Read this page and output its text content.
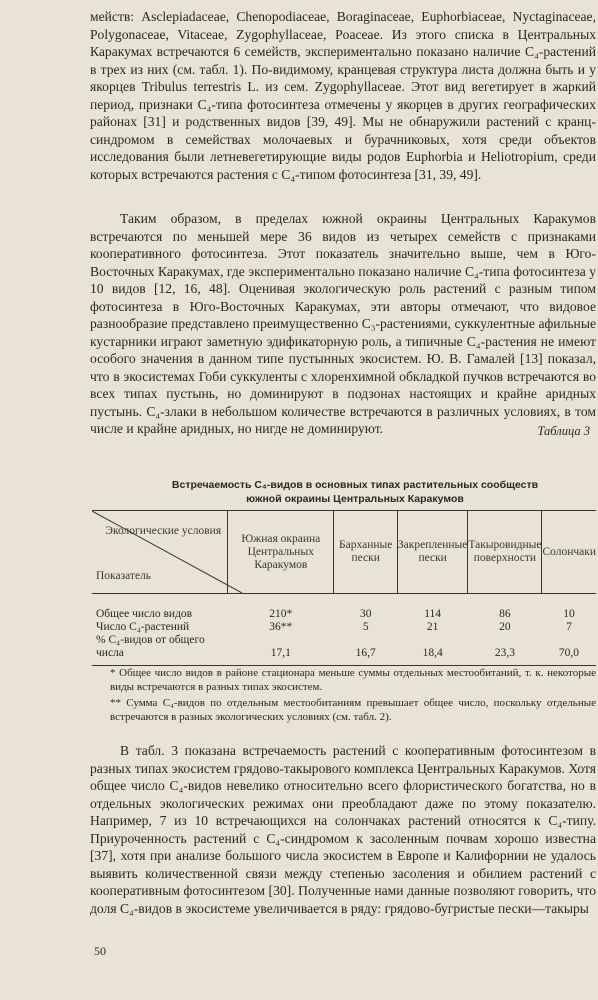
мейств: Asclepiadaceae, Chenopodiaceae, Boraginaceae, Euphorbiaceae, Nyctaginaceae, Polygonaceae, Vitaceae, Zygophyllaceae, Poaceae. Из этого списка в Центральных Каракумах встречаются 6 семейств, экспериментально показано наличие С₄-растений в трех из них (см. табл. 1). По-видимому, кранцевая структура листа должна быть и у якорцев Tribulus terrestris L. из сем. Zygophyllaceae. Этот вид вегетирует в жаркий период, признаки С₄-типа фотосинтеза отмечены у якорцев в других географических районах [31] и родственных видов [39, 49]. Мы не обнаружили растений с кранц-синдромом в семействах молочаевых и бурачниковых, хотя среди объектов исследования были летневегетирующие виды родов Euphorbia и Heliotropium, среди которых встречаются растения с С₄-типом фотосинтеза [31, 39, 49].

Таким образом, в пределах южной окраины Центральных Каракумов встречаются по меньшей мере 36 видов из четырех семейств с признаками кооперативного фотосинтеза. Этот показатель значительно выше, чем в Юго-Восточных Каракумах, где экспериментально показано наличие С₄-типа фотосинтеза у 10 видов [12, 16, 48]. Оценивая экологическую роль растений с разным типом фотосинтеза в Юго-Восточных Каракумах, эти авторы отмечают, что видовое разнообразие представлено преимущественно С₃-растениями, суккулентные афильные кустарники играют заметную эдификаторную роль, а типичные С₄-растения не имеют особого значения в данном типе пустынных экосистем. Ю. В. Гамалей [13] показал, что в экосистемах Гоби суккуленты с хлоренхимной обкладкой пучков встречаются во всех типах пустынь, но доминируют в подзонах настоящих и крайне аридных пустынь. С₄-злаки в небольшом количестве встречаются в различных условиях, в том числе и крайне аридных, но нигде не доминируют.	Таблица 3
Встречаемость С₄-видов в основных типах растительных сообществ
южной окраины Центральных Каракумов
Экологические условия
Показатель	Южная окраина Центральных Каракумов	Барханные пески	Закрепленные пески	Такыровидные поверхности	Солончаки

Общее число видов	210*	30	114	86	10
Число С₄-растений	36**	5	21	20	7
% С₄-видов от общего числа	17,1	16,7	18,4	23,3	70,0

* Общее число видов в районе стационара меньше суммы отдельных местообитаний, т. к. некоторые виды встречаются в разных типах экосистем.

** Сумма С₄-видов по отдельным местообитаниям превышает общее число, поскольку отдельные встречаются в разных экологических условиях (см. табл. 2).

В табл. 3 показана встречаемость растений с кооперативным фотосинтезом в разных типах экосистем грядово-такырового комплекса Центральных Каракумов. Хотя общее число С₄-видов невелико относительно всего флористического богатства, но в отдельных экологических режимах они преобладают даже по этому показателю. Например, 7 из 10 встречающихся на солончаках растений относятся к С₄-типу. Приуроченность растений с С₄-синдромом к засоленным почвам хорошо известна [37], хотя при анализе большого числа экосистем в Европе и Калифорнии не удалось выявить количественной связи между степенью засоления и обилием растений с кооперативным фотосинтезом [30]. Полученные нами данные позволяют говорить, что доля С₄-видов в экосистеме увеличивается в ряду: грядово-бугристые пески—такыры

50
